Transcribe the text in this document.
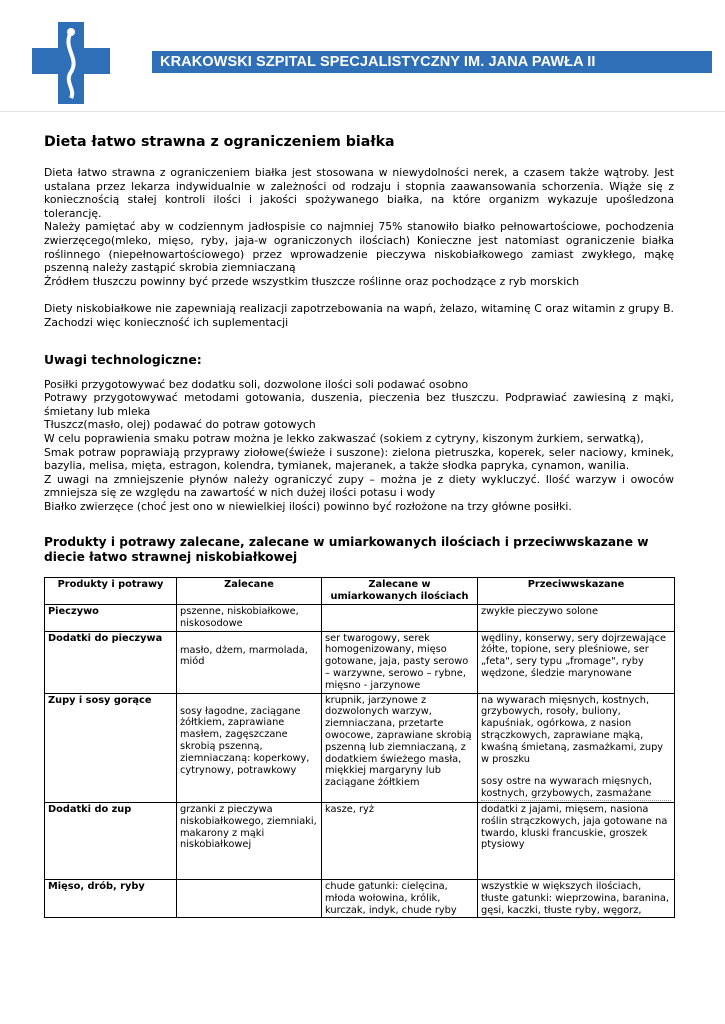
KRAKOWSKI SZPITAL SPECJALISTYCZNY IM. JANA PAWŁA II
Dieta łatwo strawna z ograniczeniem białka

Dieta łatwo strawna z ograniczeniem białka jest stosowana w niewydolności nerek, a czasem także wątroby. Jest ustalana przez lekarza indywidualnie w zależności od rodzaju i stopnia zaawansowania schorzenia. Wiąże się z koniecznością stałej kontroli ilości i jakości spożywanego białka, na które organizm wykazuje upośledzona tolerancję.

Należy pamiętać aby w codziennym jadłospisie co najmniej 75% stanowiło białko pełnowartościowe, pochodzenia zwierzęcego(mleko, mięso, ryby, jaja-w ograniczonych ilościach) Konieczne jest natomiast ograniczenie białka roślinnego (niepełnowartościowego) przez wprowadzenie pieczywa niskobiałkowego zamiast zwykłego, mąkę pszenną należy zastąpić skrobia ziemniaczaną

Źródłem tłuszczu powinny być przede wszystkim tłuszcze roślinne oraz pochodzące z ryb morskich

Diety niskobiałkowe nie zapewniają realizacji zapotrzebowania na wapń, żelazo, witaminę C oraz witamin z grupy B. Zachodzi więc konieczność ich suplementacji

Uwagi technologiczne:

Posiłki przygotowywać bez dodatku soli, dozwolone ilości soli podawać osobno

Potrawy przygotowywać metodami gotowania, duszenia, pieczenia bez tłuszczu. Podprawiać zawiesiną z mąki, śmietany lub mleka

Tłuszcz(masło, olej) podawać do potraw gotowych

W celu poprawienia smaku potraw można je lekko zakwaszać (sokiem z cytryny, kiszonym żurkiem, serwatką),

Smak potraw poprawiają przyprawy ziołowe(świeże i suszone): zielona pietruszka, koperek, seler naciowy, kminek, bazylia, melisa, mięta, estragon, kolendra, tymianek, majeranek, a także słodka papryka, cynamon, wanilia.

Z uwagi na zmniejszenie płynów należy ograniczyć zupy – można je z diety wykluczyć. Ilość warzyw i owoców zmniejsza się ze względu na zawartość w nich dużej ilości potasu i wody

Białko zwierzęce (choć jest ono w niewielkiej ilości) powinno być rozłożone na trzy główne posiłki.

Produkty i potrawy zalecane, zalecane w umiarkowanych ilościach i przeciwwskazane w diecie łatwo strawnej niskobiałkowej
Produkty i potrawy	Zalecane	Zalecane w umiarkowanych ilościach	Przeciwwskazane
Pieczywo	pszenne, niskobiałkowe, niskosodowe		zwykłe pieczywo solone
Dodatki do pieczywa	masło, dżem, marmolada, miód	ser twarogowy, serek homogenizowany, mięso gotowane, jaja, pasty serowo – warzywne, serowo – rybne, mięsno - jarzynowe	wędliny, konserwy, sery dojrzewające żółte, topione, sery pleśniowe, ser „feta", sery typu „fromage", ryby wędzone, śledzie marynowane
Zupy i sosy gorące	sosy łagodne, zaciągane żółtkiem, zaprawiane masłem, zagęszczane skrobią pszenną, ziemniaczaną: koperkowy, cytrynowy, potrawkowy	krupnik, jarzynowe z dozwolonych warzyw, ziemniaczana, przetarte owocowe, zaprawiane skrobią pszenną lub ziemniaczaną, z dodatkiem świeżego masła, miękkiej margaryny lub zaciągane żółtkiem	na wywarach mięsnych, kostnych, grzybowych, rosoły, buliony, kapuśniak, ogórkowa, z nasion strączkowych, zaprawiane mąką, kwaśną śmietaną, zasmażkami, zupy w proszku
sosy ostre na wywarach mięsnych, kostnych, grzybowych, zasmażane

Dodatki do zup	grzanki z pieczywa niskobiałkowego, ziemniaki, makarony z mąki niskobiałkowej	kasze, ryż	dodatki z jajami, mięsem, nasiona roślin strączkowych, jaja gotowane na twardo, kluski francuskie, groszek ptysiowy
Mięso, drób, ryby		chude gatunki: cielęcina, młoda wołowina, królik, kurczak, indyk, chude ryby	wszystkie w większych ilościach, tłuste gatunki: wieprzowina, baranina, gęsi, kaczki, tłuste ryby, węgorz,
